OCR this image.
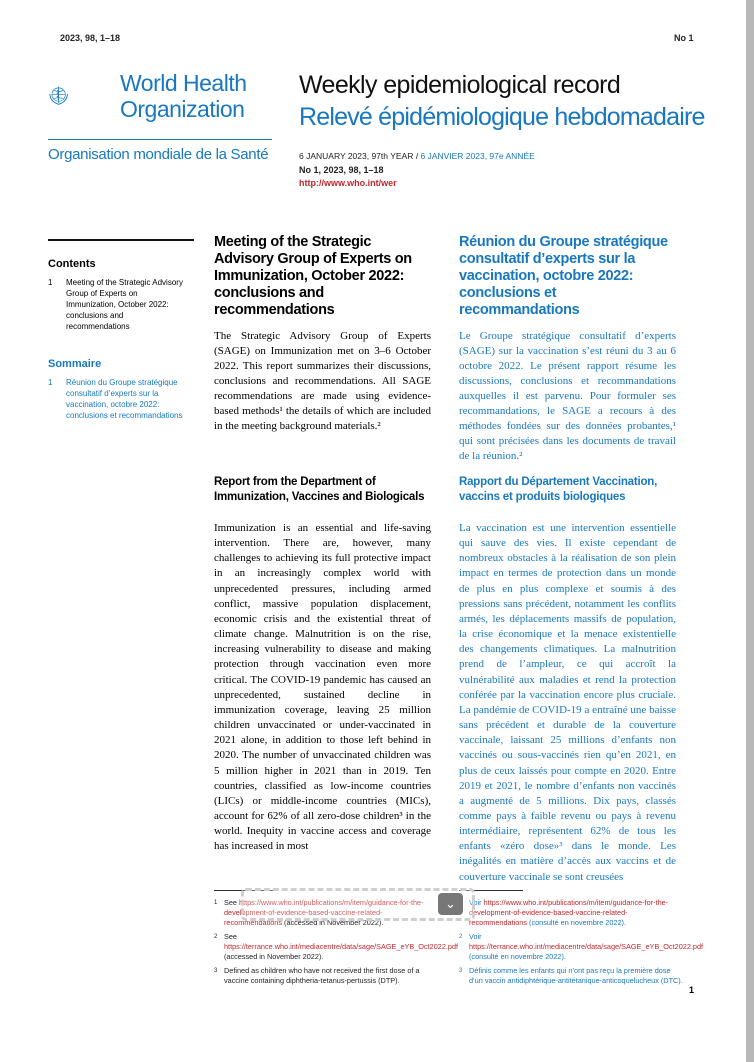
2023, 98, 1–18	No 1
World Health
Organization
Organisation mondiale de la Santé
Weekly epidemiological record
Relevé épidémiologique hebdomadaire
6 JANUARY 2023, 97th YEAR / 6 JANVIER 2023, 97e ANNÉE
No 1, 2023, 98, 1–18
http://www.who.int/wer
Contents
1	Meeting of the Strategic Advisory Group of Experts on Immunization, October 2022: conclusions and recommendations
Sommaire
1	Réunion du Groupe stratégique consultatif d’experts sur la vaccination, octobre 2022: conclusions et recommandations
Meeting of the Strategic Advisory Group of Experts on Immunization, October 2022: conclusions and recommendations

The Strategic Advisory Group of Experts (SAGE) on Immunization met on 3–6 October 2022. This report summarizes their discussions, conclusions and recommendations. All SAGE recommendations are made using evidence-based methods¹ the details of which are included in the meeting background materials.²

Report from the Department of Immunization, Vaccines and Biologicals

Immunization is an essential and life-saving intervention. There are, however, many challenges to achieving its full protective impact in an increasingly complex world with unprecedented pressures, including armed conflict, massive population displacement, economic crisis and the existential threat of climate change. Malnutrition is on the rise, increasing vulnerability to disease and making protection through vaccination even more critical. The COVID-19 pandemic has caused an unprecedented, sustained decline in immunization coverage, leaving 25 million children unvaccinated or under-vaccinated in 2021 alone, in addition to those left behind in 2020. The number of unvaccinated children was 5 million higher in 2021 than in 2019. Ten countries, classified as low-income countries (LICs) or middle-income countries (MICs), account for 62% of all zero-dose children³ in the world. Inequity in vaccine access and coverage has increased in most

Réunion du Groupe stratégique consultatif d’experts sur la vaccination, octobre 2022: conclusions et recommandations

Le Groupe stratégique consultatif d’experts (SAGE) sur la vaccination s’est réuni du 3 au 6 octobre 2022. Le présent rapport résume les discussions, conclusions et recommandations auxquelles il est parvenu. Pour formuler ses recommandations, le SAGE a recours à des méthodes fondées sur des données probantes,¹ qui sont précisées dans les documents de travail de la réunion.²

Rapport du Département Vaccination, vaccins et produits biologiques

La vaccination est une intervention essentielle qui sauve des vies. Il existe cependant de nombreux obstacles à la réalisation de son plein impact en termes de protection dans un monde de plus en plus complexe et soumis à des pressions sans précédent, notamment les conflits armés, les déplacements massifs de population, la crise économique et la menace existentielle des changements climatiques. La malnutrition prend de l’ampleur, ce qui accroît la vulnérabilité aux maladies et rend la protection conférée par la vaccination encore plus cruciale. La pandémie de COVID-19 a entraîné une baisse sans précédent et durable de la couverture vaccinale, laissant 25 millions d’enfants non vaccinés ou sous-vaccinés rien qu’en 2021, en plus de ceux laissés pour compte en 2020. Entre 2019 et 2021, le nombre d’enfants non vaccinés a augmenté de 5 millions. Dix pays, classés comme pays à faible revenu ou pays à revenu intermédiaire, représentent 62% de tous les enfants «zéro dose»³ dans le monde. Les inégalités en matière d’accès aux vaccins et de couverture vaccinale se sont creusées

1 See https://www.who.int/publications/m/item/guidance-for-the-development-of-evidence-based-vaccine-related-recommendations (accessed in November 2022).
2 See https://terrance.who.int/mediacentre/data/sage/SAGE_eYB_Oct2022.pdf (accessed in November 2022).
3 Defined as children who have not received the first dose of a vaccine containing diphtheria-tetanus-pertussis (DTP).
Voir https://www.who.int/publications/m/item/guidance-for-the-development-of-evidence-based-vaccine-related-recommendations (consulté en novembre 2022).
2 Voir https://terrance.who.int/mediacentre/data/sage/SAGE_eYB_Oct2022.pdf (consulté en novembre 2022).
3 Définis comme les enfants qui n’ont pas reçu la première dose d’un vaccin antidiphtérique-antitétanique-anticoquelucheux (DTC).
1
⌄
